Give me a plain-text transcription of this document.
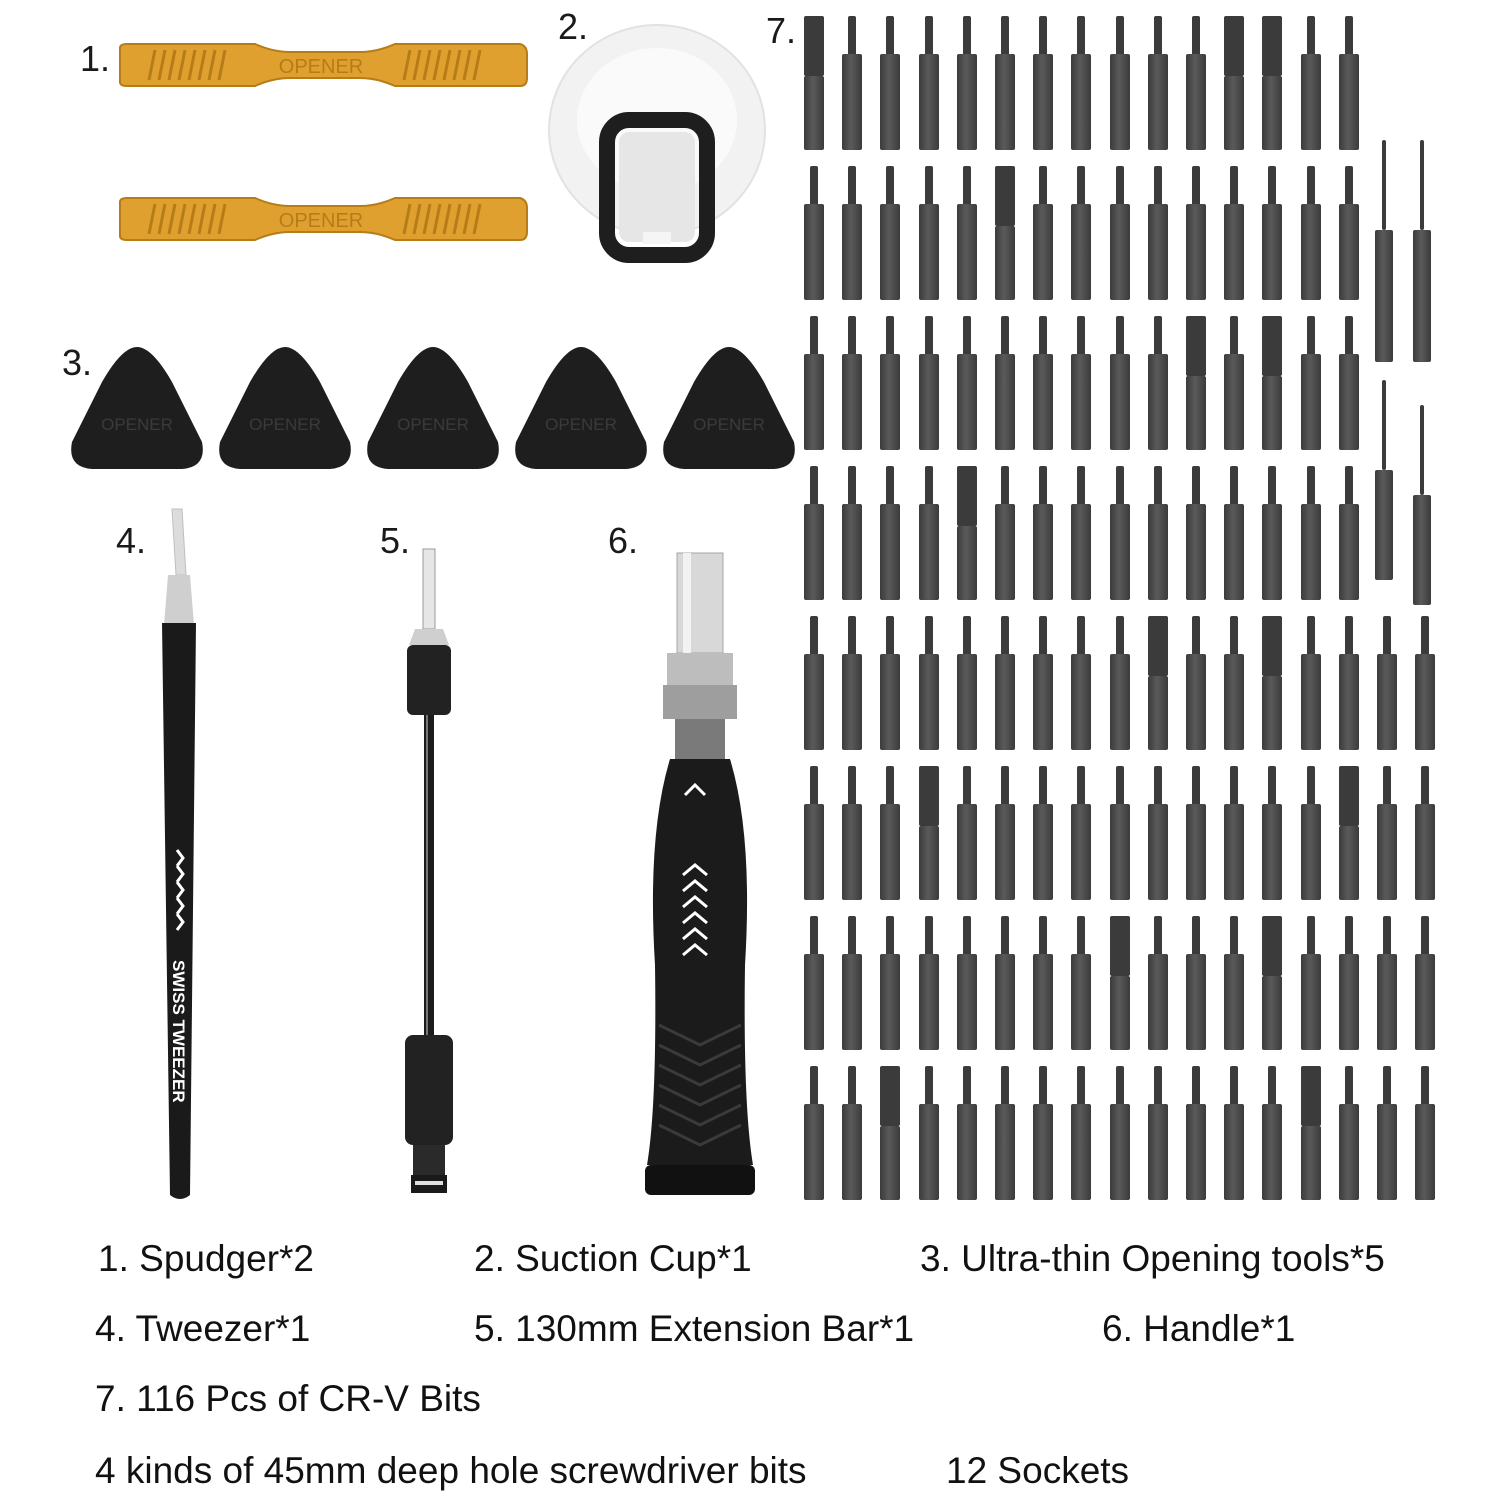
1.
2.
3.
4.	5.	6.
7.
OPENER
OPENER
OPENER	OPENER	OPENER	OPENER	OPENER
SWISS TWEEZER
1. Spudger*2	2. Suction Cup*1	3. Ultra-thin Opening tools*5
4. Tweezer*1	5. 130mm Extension Bar*1	6. Handle*1
7. 116 Pcs of CR-V Bits
4 kinds of 45mm deep hole screwdriver bits	12 Sockets
